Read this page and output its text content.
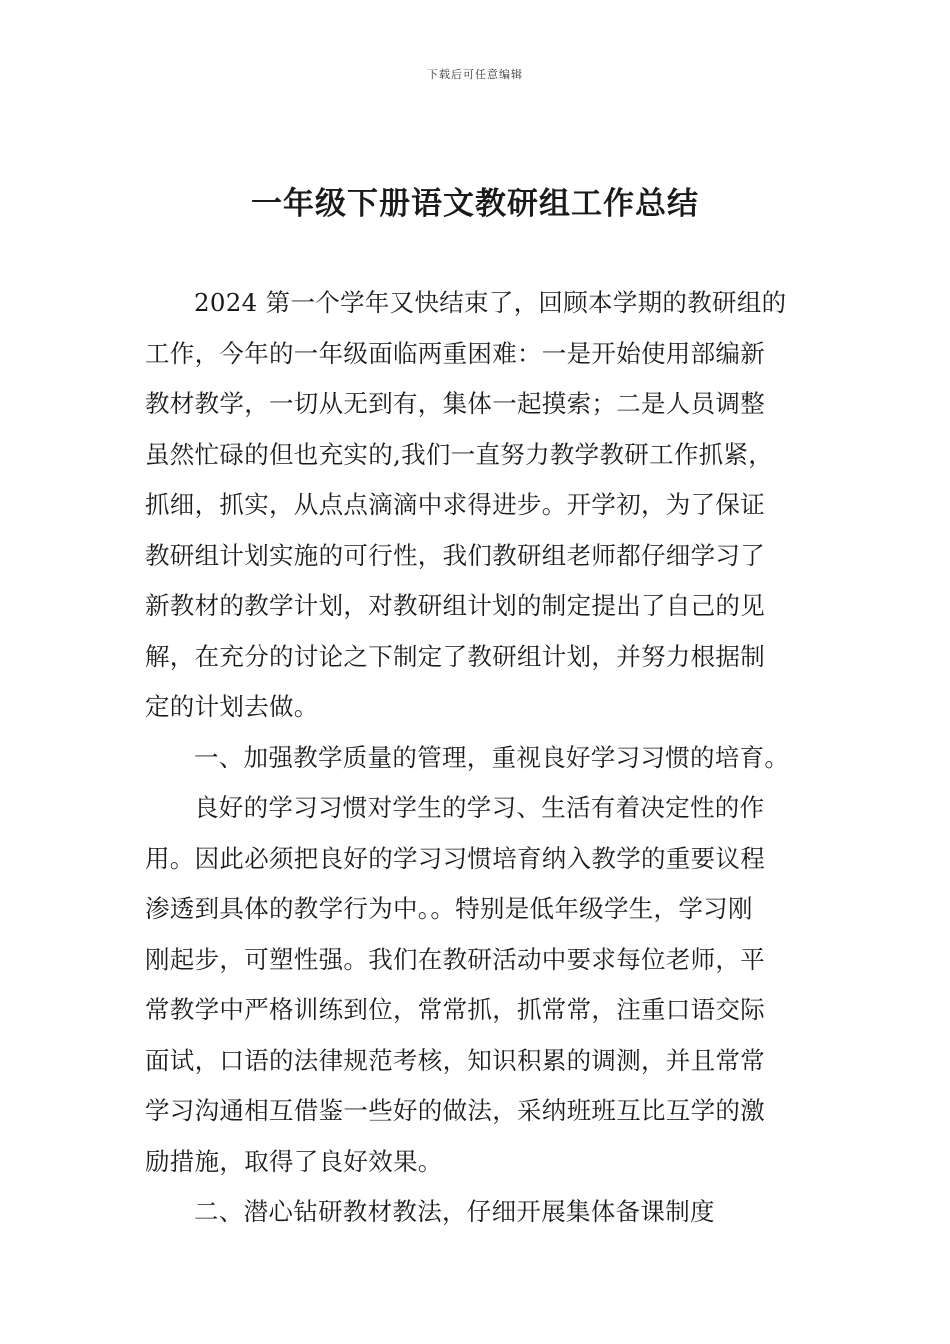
下载后可任意编辑
一年级下册语文教研组工作总结
2024 第一个学年又快结束了，回顾本学期的教研组的
工作，今年的一年级面临两重困难：一是开始使用部编新
教材教学，一切从无到有，集体一起摸索；二是人员调整
虽然忙碌的但也充实的,我们一直努力教学教研工作抓紧，
抓细，抓实，从点点滴滴中求得进步。开学初，为了保证
教研组计划实施的可行性，我们教研组老师都仔细学习了
新教材的教学计划，对教研组计划的制定提出了自己的见
解，在充分的讨论之下制定了教研组计划，并努力根据制
定的计划去做。
一、加强教学质量的管理，重视良好学习习惯的培育。
良好的学习习惯对学生的学习、生活有着决定性的作
用。因此必须把良好的学习习惯培育纳入教学的重要议程
渗透到具体的教学行为中。。特别是低年级学生，学习刚
刚起步，可塑性强。我们在教研活动中要求每位老师，平
常教学中严格训练到位，常常抓，抓常常，注重口语交际
面试，口语的法律规范考核，知识积累的调测，并且常常
学习沟通相互借鉴一些好的做法，采纳班班互比互学的激
励措施，取得了良好效果。
二、潜心钻研教材教法，仔细开展集体备课制度
